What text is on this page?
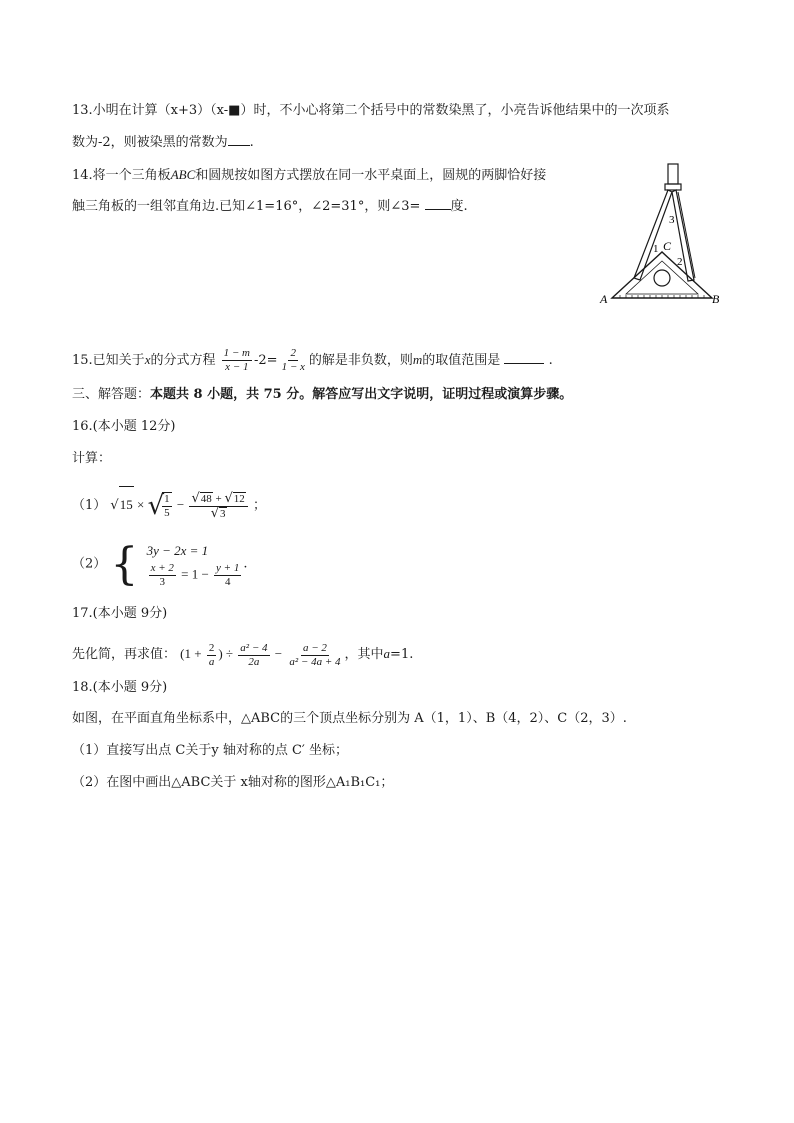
13.小明在计算（x+3）（x-■）时，不小心将第二个括号中的常数染黑了，小亮告诉他结果中的一次项系
数为-2，则被染黑的常数为 .
14.将一个三角板ABC和圆规按如图方式摆放在同一水平桌面上，圆规的两脚恰好接
触三角板的一组邻直角边.已知∠1=16°，∠2=31°，则∠3= 度.
A	B
C
1
2
3
15.已知关于x的分式方程 $\frac{1 - m}{x - 1} -2= \frac{2}{1 - x}$ 的解是非负数，则m的取值范围是	.
三、解答题：本题共 8 小题，共 75 分。解答应写出文字说明，证明过程或演算步骤。
16.(本小题 12分)
计算：
（1） √15 × √
$\frac{1}{5} - \frac{√48 + √12}{√3}$ ；
（2） { 3y − 2x = 1
$\frac{x + 2}{3} = 1 - \frac{y + 1}{4}$ .
17.(本小题 9分)
先化简，再求值： ($1 + \frac{2}{a}$ ) ÷ $\frac{\text{a² − 4}}{2a} - \frac{a - 2}{\text{a² − 4a + 4}}$ ，其中a=1.
18.(本小题 9分)
如图，在平面直角坐标系中，△ABC的三个顶点坐标分别为 A（1，1）、B（4，2）、C（2，3）.
（1）直接写出点 C关于y 轴对称的点 C′ 坐标；
（2）在图中画出△ABC关于 x轴对称的图形△A₁B₁C₁；
